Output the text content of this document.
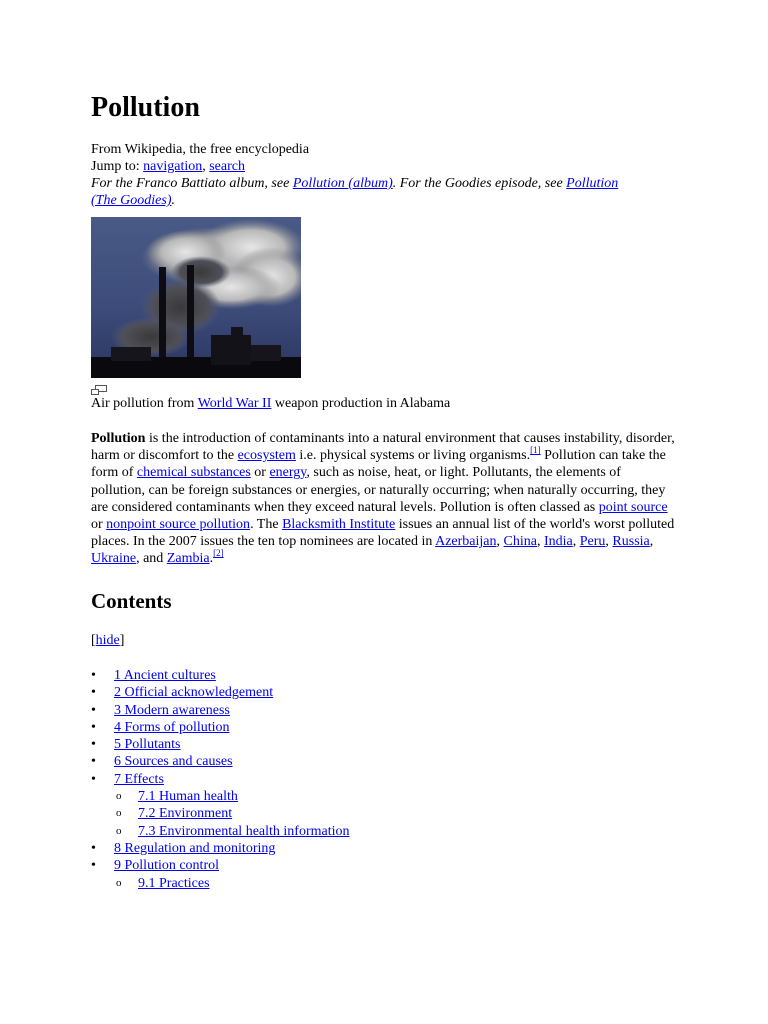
Pollution
From Wikipedia, the free encyclopedia
Jump to: navigation, search
For the Franco Battiato album, see Pollution (album). For the Goodies episode, see Pollution
(The Goodies).
Air pollution from World War II weapon production in Alabama
Pollution is the introduction of contaminants into a natural environment that causes instability, disorder, harm or discomfort to the ecosystem i.e. physical systems or living organisms.[1] Pollution can take the form of chemical substances or energy, such as noise, heat, or light. Pollutants, the elements of pollution, can be foreign substances or energies, or naturally occurring; when naturally occurring, they are considered contaminants when they exceed natural levels. Pollution is often classed as point source or nonpoint source pollution. The Blacksmith Institute issues an annual list of the world's worst polluted places. In the 2007 issues the ten top nominees are located in Azerbaijan, China, India, Peru, Russia, Ukraine, and Zambia.[2]
Contents
[hide]
• 1 Ancient cultures
• 2 Official acknowledgement
• 3 Modern awareness
• 4 Forms of pollution
• 5 Pollutants
• 6 Sources and causes
• 7 Effects
o 7.1 Human health
o 7.2 Environment
o 7.3 Environmental health information
• 8 Regulation and monitoring
• 9 Pollution control
o 9.1 Practices
